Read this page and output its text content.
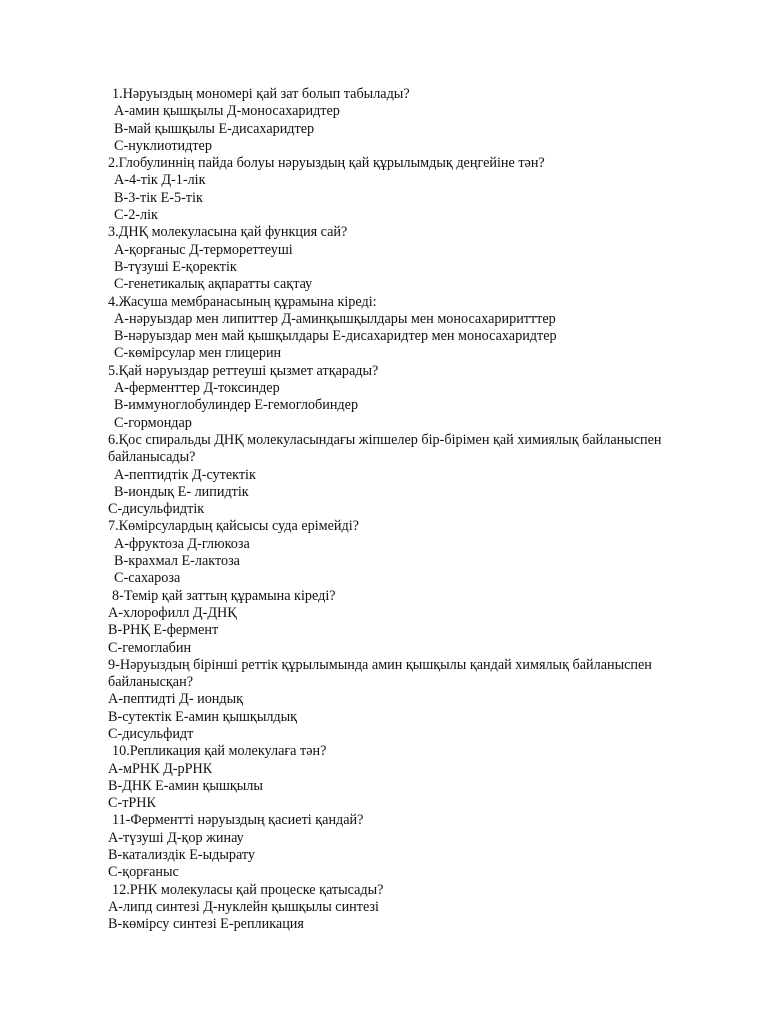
1.Нәруыздың мономері қай зат болып табылады?
А-амин қышқылы Д-моносахаридтер
В-май қышқылы Е-дисахаридтер
С-нуклиотидтер
2.Глобулиннің пайда болуы нәруыздың қай құрылымдық деңгейіне тән?
А-4-тік Д-1-лік
В-3-тік Е-5-тік
С-2-лік
3.ДНҚ молекуласына қай функция сай?
А-қорғаныс Д-термореттеуші
В-түзуші Е-қоректік
С-генетикалық ақпаратты сақтау
4.Жасуша мембранасының құрамына кіреді:
А-нәруыздар мен липиттер Д-аминқышқылдары мен моносахариритттер
В-нәруыздар мен май қышқылдары Е-дисахаридтер мен моносахаридтер
С-көмірсулар мен глицерин
5.Қай нәруыздар реттеуші қызмет атқарады?
А-ферменттер Д-токсиндер
В-иммуноглобулиндер Е-гемоглобиндер
С-гормондар
6.Қос спиральды ДНҚ молекуласындағы жіпшелер бір-бірімен қай химиялық байланыспен байланысады?
А-пептидтік Д-сутектік
В-иондық Е- липидтік
С-дисульфидтік
7.Көмірсулардың қайсысы суда ерімейді?
А-фруктоза Д-глюкоза
В-крахмал Е-лактоза
С-сахароза
8-Темір қай заттың құрамына кіреді?
А-хлорофилл Д-ДНҚ
В-РНҚ Е-фермент
С-гемоглабин
9-Нәруыздың бірінші реттік құрылымында амин қышқылы қандай химялық байланыспен байланысқан?
А-пептидті Д- иондық
В-сутектік Е-амин қышқылдық
С-дисульфидт
10.Репликация қай молекулаға тән?
А-мРНК Д-рРНК
В-ДНК Е-амин қышқылы
С-тРНК
11-Ферментті нәруыздың қасиеті қандай?
А-түзуші Д-қор жинау
В-катализдік Е-ыдырату
С-қорғаныс
12.РНК молекуласы қай процеске қатысады?
А-липд синтезі Д-нуклейн қышқылы синтезі
В-көмірсу синтезі Е-репликация
